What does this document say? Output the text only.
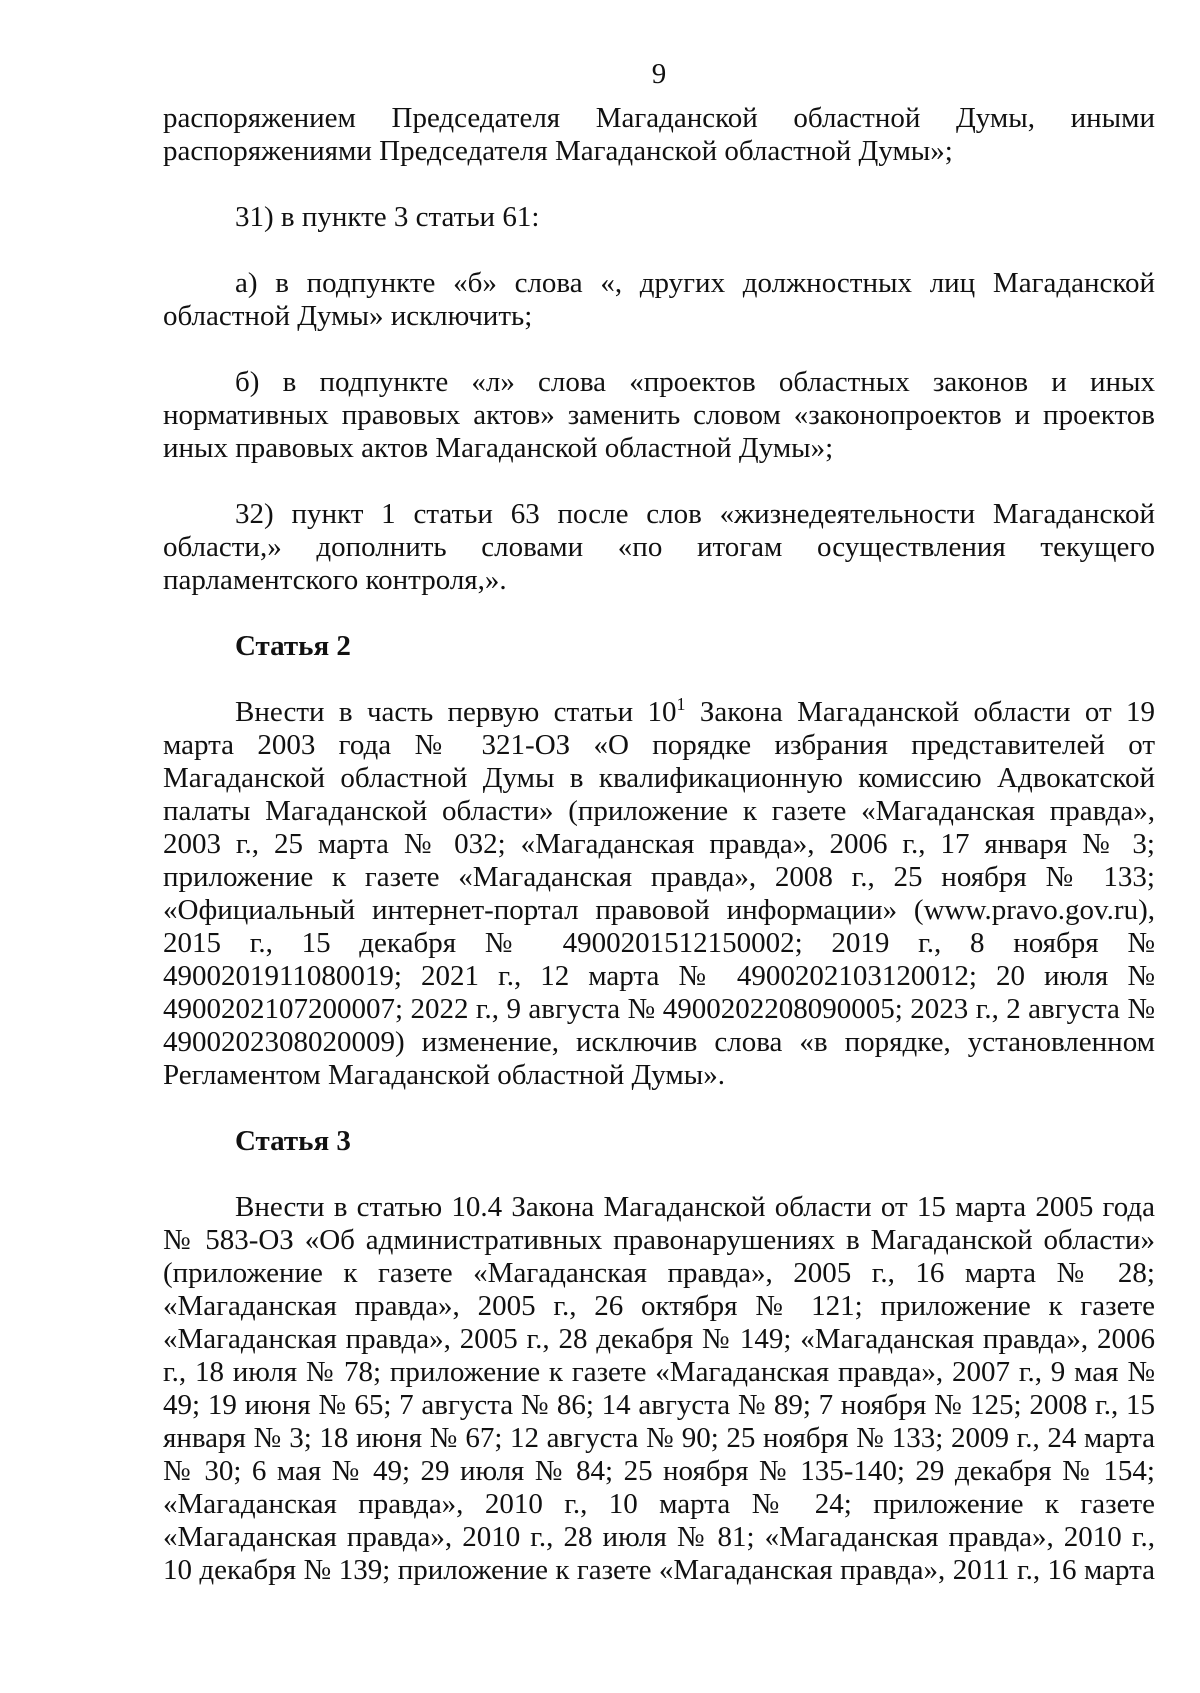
9

распоряжением Председателя Магаданской областной Думы, иными распоряжениями Председателя Магаданской областной Думы»;

31) в пункте 3 статьи 61:

а) в подпункте «б» слова «, других должностных лиц Магаданской областной Думы» исключить;

б) в подпункте «л» слова «проектов областных законов и иных нормативных правовых актов» заменить словом «законопроектов и проектов иных правовых актов Магаданской областной Думы»;

32) пункт 1 статьи 63 после слов «жизнедеятельности Магаданской области,» дополнить словами «по итогам осуществления текущего парламентского контроля,».

Статья 2

Внести в часть первую статьи $10^1$ Закона Магаданской области от 19 марта 2003 года № 321-ОЗ «О порядке избрания представителей от Магаданской областной Думы в квалификационную комиссию Адвокатской палаты Магаданской области» (приложение к газете «Магаданская правда», 2003 г., 25 марта № 032; «Магаданская правда», 2006 г., 17 января № 3; приложение к газете «Магаданская правда», 2008 г., 25 ноября № 133; «Официальный интернет-портал правовой информации» (www.pravo.gov.ru), 2015 г., 15 декабря № 4900201512150002; 2019 г., 8 ноября № 4900201911080019; 2021 г., 12 марта № 4900202103120012; 20 июля № 4900202107200007; 2022 г., 9 августа № 4900202208090005; 2023 г., 2 августа № 4900202308020009) изменение, исключив слова «в порядке, установленном Регламентом Магаданской областной Думы».

Статья 3

Внести в статью 10.4 Закона Магаданской области от 15 марта 2005 года № 583-ОЗ «Об административных правонарушениях в Магаданской области» (приложение к газете «Магаданская правда», 2005 г., 16 марта № 28; «Магаданская правда», 2005 г., 26 октября № 121; приложение к газете «Магаданская правда», 2005 г., 28 декабря № 149; «Магаданская правда», 2006 г., 18 июля № 78; приложение к газете «Магаданская правда», 2007 г., 9 мая № 49; 19 июня № 65; 7 августа № 86; 14 августа № 89; 7 ноября № 125; 2008 г., 15 января № 3; 18 июня № 67; 12 августа № 90; 25 ноября № 133; 2009 г., 24 марта № 30; 6 мая № 49; 29 июля № 84; 25 ноября № 135-140; 29 декабря № 154; «Магаданская правда», 2010 г., 10 марта № 24; приложение к газете «Магаданская правда», 2010 г., 28 июля № 81; «Магаданская правда», 2010 г., 10 декабря № 139; приложение к газете «Магаданская правда», 2011 г., 16 марта
